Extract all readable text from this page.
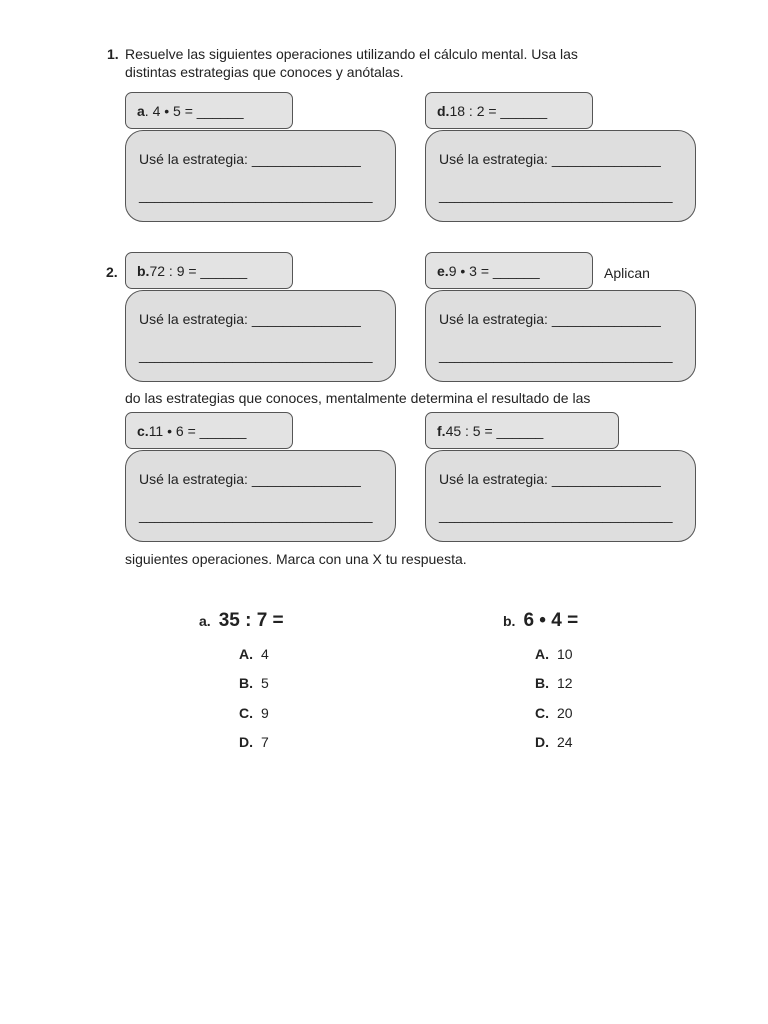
1. Resuelve las siguientes operaciones utilizando el cálculo mental. Usa las
distintas estrategias que conoces y anótalas.
a . 4 • 5 = ______
Usé la estrategia: ______________
______________________________
d. 18 : 2 = ______
Usé la estrategia: ______________
______________________________
2.	Aplican
b. 72 : 9 = ______
Usé la estrategia: ______________
______________________________
e. 9 • 3 = ______
Usé la estrategia: ______________
______________________________
do las estrategias que conoces, mentalmente determina el resultado de las
c. 11 • 6 = ______
Usé la estrategia: ______________
______________________________
f. 45 : 5 = ______
Usé la estrategia: ______________
______________________________
siguientes operaciones. Marca con una X tu respuesta.
a. 35 : 7 =
A. 4
B. 5
C. 9
D. 7
b. 6 • 4 =
A. 10
B. 12
C. 20
D. 24
